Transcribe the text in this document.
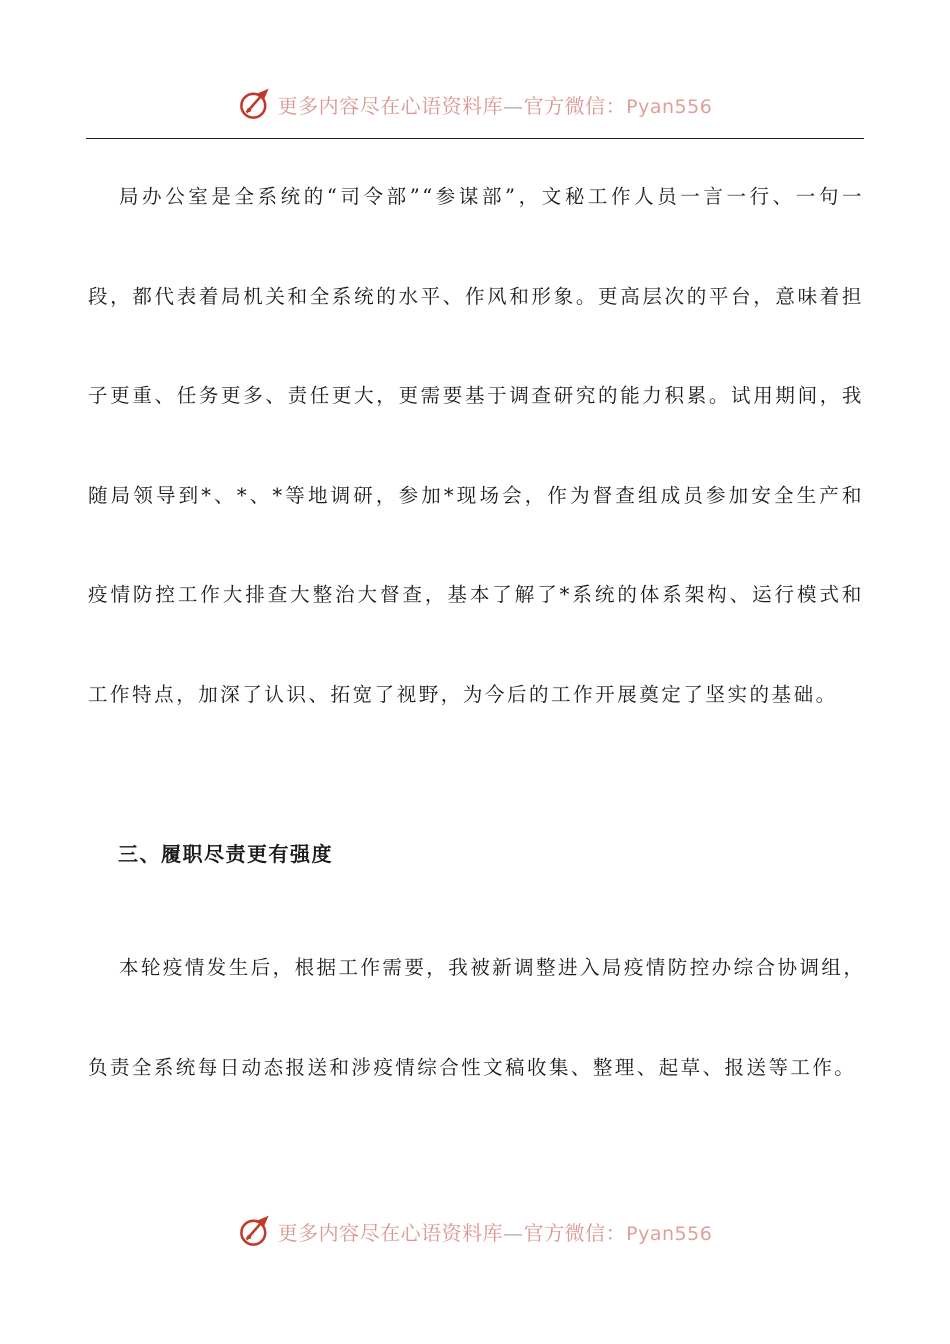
更多内容尽在心语资料库—官方微信：Pyan556

局办公室是全系统的“司令部”“参谋部”，文秘工作人员一言一行、一句一段，都代表着局机关和全系统的水平、作风和形象。更高层次的平台，意味着担子更重、任务更多、责任更大，更需要基于调查研究的能力积累。试用期间，我随局领导到*、*、*等地调研，参加*现场会，作为督查组成员参加安全生产和疫情防控工作大排查大整治大督查，基本了解了*系统的体系架构、运行模式和工作特点，加深了认识、拓宽了视野，为今后的工作开展奠定了坚实的基础。

三、履职尽责更有强度

本轮疫情发生后，根据工作需要，我被新调整进入局疫情防控办综合协调组，负责全系统每日动态报送和涉疫情综合性文稿收集、整理、起草、报送等工作。

更多内容尽在心语资料库—官方微信：Pyan556
